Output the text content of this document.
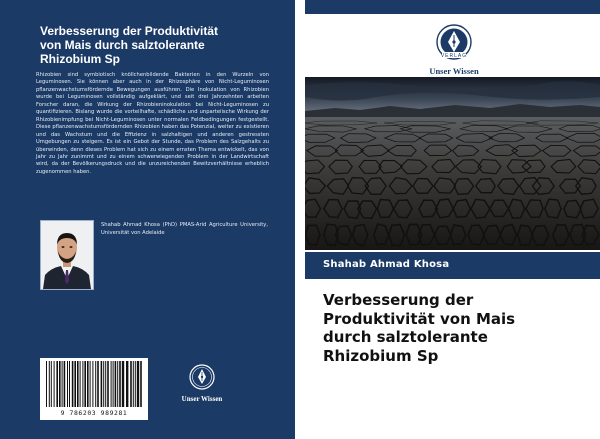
Verbesserung der Produktivität
von Mais durch salztolerante
Rhizobium Sp
Rhizobien sind symbiotisch knöllchenbildende Bakterien in den Wurzeln von Leguminosen. Sie können aber auch in der Rhizosphäre von Nicht-Leguminosen pflanzenwachstumsfördernde Bewegungen ausführen. Die Inokulation von Rhizobien wurde bei Leguminosen vollständig aufgeklärt, und seit drei Jahrzehnten arbeiten Forscher daran, die Wirkung der Rhizobieninokulation bei Nicht-Leguminosen zu quantifizieren. Bislang wurde die vorteilhafte, schädliche und unparteiische Wirkung der Rhizobienimpfung bei Nicht-Leguminosen unter normalen Feldbedingungen festgestellt. Diese pflanzenwachstumsfördernden Rhizobien haben das Potenzial, weiter zu existieren und das Wachstum und die Effizienz in salzhaltigen und anderen gestressten Umgebungen zu steigern. Es ist ein Gebot der Stunde, das Problem des Salzgehalts zu überwinden, denn dieses Problem hat sich zu einem ernsten Thema entwickelt, das von Jahr zu Jahr zunimmt und zu einem schwerwiegenden Problem in der Landwirtschaft wird, da der Bevölkerungsdruck und die unzureichenden Bewitzverhältnisse erheblich zugenommen haben.
Shahab Ahmad Khosa (PhD) PMAS-Arid Agriculture University, Universität von Adelaide
9 786203 989281
Unser Wissen
VERLAG
Unser Wissen
Shahab Ahmad Khosa
Verbesserung der
Produktivität von Mais
durch salztolerante
Rhizobium Sp
